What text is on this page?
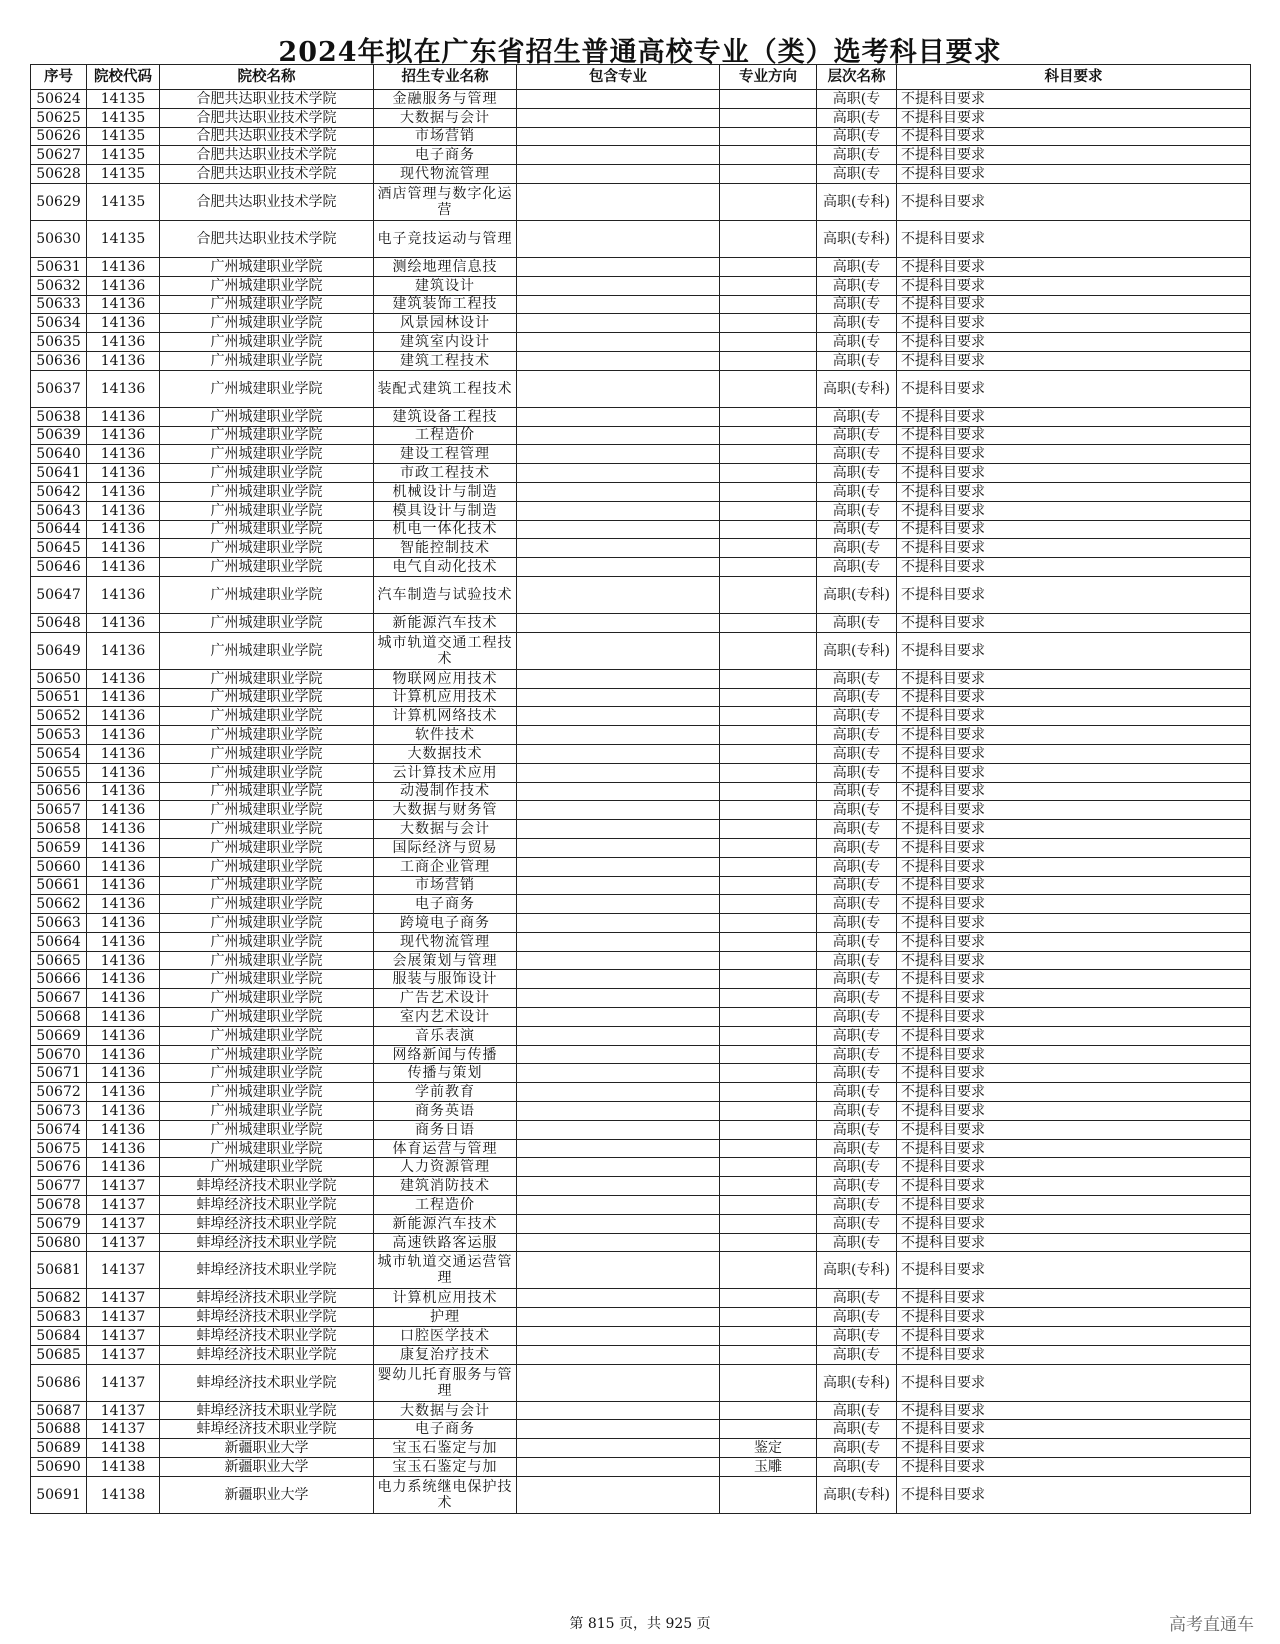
2024年拟在广东省招生普通高校专业（类）选考科目要求
序号	院校代码	院校名称	招生专业名称	包含专业	专业方向	层次名称	科目要求
50624	14135	合肥共达职业技术学院	金融服务与管理			高职(专	不提科目要求
50625	14135	合肥共达职业技术学院	大数据与会计			高职(专	不提科目要求
50626	14135	合肥共达职业技术学院	市场营销			高职(专	不提科目要求
50627	14135	合肥共达职业技术学院	电子商务			高职(专	不提科目要求
50628	14135	合肥共达职业技术学院	现代物流管理			高职(专	不提科目要求
50629	14135	合肥共达职业技术学院	酒店管理与数字化运营			高职(专科)	不提科目要求
50630	14135	合肥共达职业技术学院	电子竞技运动与管理			高职(专科)	不提科目要求
50631	14136	广州城建职业学院	测绘地理信息技			高职(专	不提科目要求
50632	14136	广州城建职业学院	建筑设计			高职(专	不提科目要求
50633	14136	广州城建职业学院	建筑装饰工程技			高职(专	不提科目要求
50634	14136	广州城建职业学院	风景园林设计			高职(专	不提科目要求
50635	14136	广州城建职业学院	建筑室内设计			高职(专	不提科目要求
50636	14136	广州城建职业学院	建筑工程技术			高职(专	不提科目要求
50637	14136	广州城建职业学院	装配式建筑工程技术			高职(专科)	不提科目要求
50638	14136	广州城建职业学院	建筑设备工程技			高职(专	不提科目要求
50639	14136	广州城建职业学院	工程造价			高职(专	不提科目要求
50640	14136	广州城建职业学院	建设工程管理			高职(专	不提科目要求
50641	14136	广州城建职业学院	市政工程技术			高职(专	不提科目要求
50642	14136	广州城建职业学院	机械设计与制造			高职(专	不提科目要求
50643	14136	广州城建职业学院	模具设计与制造			高职(专	不提科目要求
50644	14136	广州城建职业学院	机电一体化技术			高职(专	不提科目要求
50645	14136	广州城建职业学院	智能控制技术			高职(专	不提科目要求
50646	14136	广州城建职业学院	电气自动化技术			高职(专	不提科目要求
50647	14136	广州城建职业学院	汽车制造与试验技术			高职(专科)	不提科目要求
50648	14136	广州城建职业学院	新能源汽车技术			高职(专	不提科目要求
50649	14136	广州城建职业学院	城市轨道交通工程技术			高职(专科)	不提科目要求
50650	14136	广州城建职业学院	物联网应用技术			高职(专	不提科目要求
50651	14136	广州城建职业学院	计算机应用技术			高职(专	不提科目要求
50652	14136	广州城建职业学院	计算机网络技术			高职(专	不提科目要求
50653	14136	广州城建职业学院	软件技术			高职(专	不提科目要求
50654	14136	广州城建职业学院	大数据技术			高职(专	不提科目要求
50655	14136	广州城建职业学院	云计算技术应用			高职(专	不提科目要求
50656	14136	广州城建职业学院	动漫制作技术			高职(专	不提科目要求
50657	14136	广州城建职业学院	大数据与财务管			高职(专	不提科目要求
50658	14136	广州城建职业学院	大数据与会计			高职(专	不提科目要求
50659	14136	广州城建职业学院	国际经济与贸易			高职(专	不提科目要求
50660	14136	广州城建职业学院	工商企业管理			高职(专	不提科目要求
50661	14136	广州城建职业学院	市场营销			高职(专	不提科目要求
50662	14136	广州城建职业学院	电子商务			高职(专	不提科目要求
50663	14136	广州城建职业学院	跨境电子商务			高职(专	不提科目要求
50664	14136	广州城建职业学院	现代物流管理			高职(专	不提科目要求
50665	14136	广州城建职业学院	会展策划与管理			高职(专	不提科目要求
50666	14136	广州城建职业学院	服装与服饰设计			高职(专	不提科目要求
50667	14136	广州城建职业学院	广告艺术设计			高职(专	不提科目要求
50668	14136	广州城建职业学院	室内艺术设计			高职(专	不提科目要求
50669	14136	广州城建职业学院	音乐表演			高职(专	不提科目要求
50670	14136	广州城建职业学院	网络新闻与传播			高职(专	不提科目要求
50671	14136	广州城建职业学院	传播与策划			高职(专	不提科目要求
50672	14136	广州城建职业学院	学前教育			高职(专	不提科目要求
50673	14136	广州城建职业学院	商务英语			高职(专	不提科目要求
50674	14136	广州城建职业学院	商务日语			高职(专	不提科目要求
50675	14136	广州城建职业学院	体育运营与管理			高职(专	不提科目要求
50676	14136	广州城建职业学院	人力资源管理			高职(专	不提科目要求
50677	14137	蚌埠经济技术职业学院	建筑消防技术			高职(专	不提科目要求
50678	14137	蚌埠经济技术职业学院	工程造价			高职(专	不提科目要求
50679	14137	蚌埠经济技术职业学院	新能源汽车技术			高职(专	不提科目要求
50680	14137	蚌埠经济技术职业学院	高速铁路客运服			高职(专	不提科目要求
50681	14137	蚌埠经济技术职业学院	城市轨道交通运营管理			高职(专科)	不提科目要求
50682	14137	蚌埠经济技术职业学院	计算机应用技术			高职(专	不提科目要求
50683	14137	蚌埠经济技术职业学院	护理			高职(专	不提科目要求
50684	14137	蚌埠经济技术职业学院	口腔医学技术			高职(专	不提科目要求
50685	14137	蚌埠经济技术职业学院	康复治疗技术			高职(专	不提科目要求
50686	14137	蚌埠经济技术职业学院	婴幼儿托育服务与管理			高职(专科)	不提科目要求
50687	14137	蚌埠经济技术职业学院	大数据与会计			高职(专	不提科目要求
50688	14137	蚌埠经济技术职业学院	电子商务			高职(专	不提科目要求
50689	14138	新疆职业大学	宝玉石鉴定与加		鉴定	高职(专	不提科目要求
50690	14138	新疆职业大学	宝玉石鉴定与加		玉雕	高职(专	不提科目要求
50691	14138	新疆职业大学	电力系统继电保护技术			高职(专科)	不提科目要求
第 815 页，共 925 页	高考直通车
